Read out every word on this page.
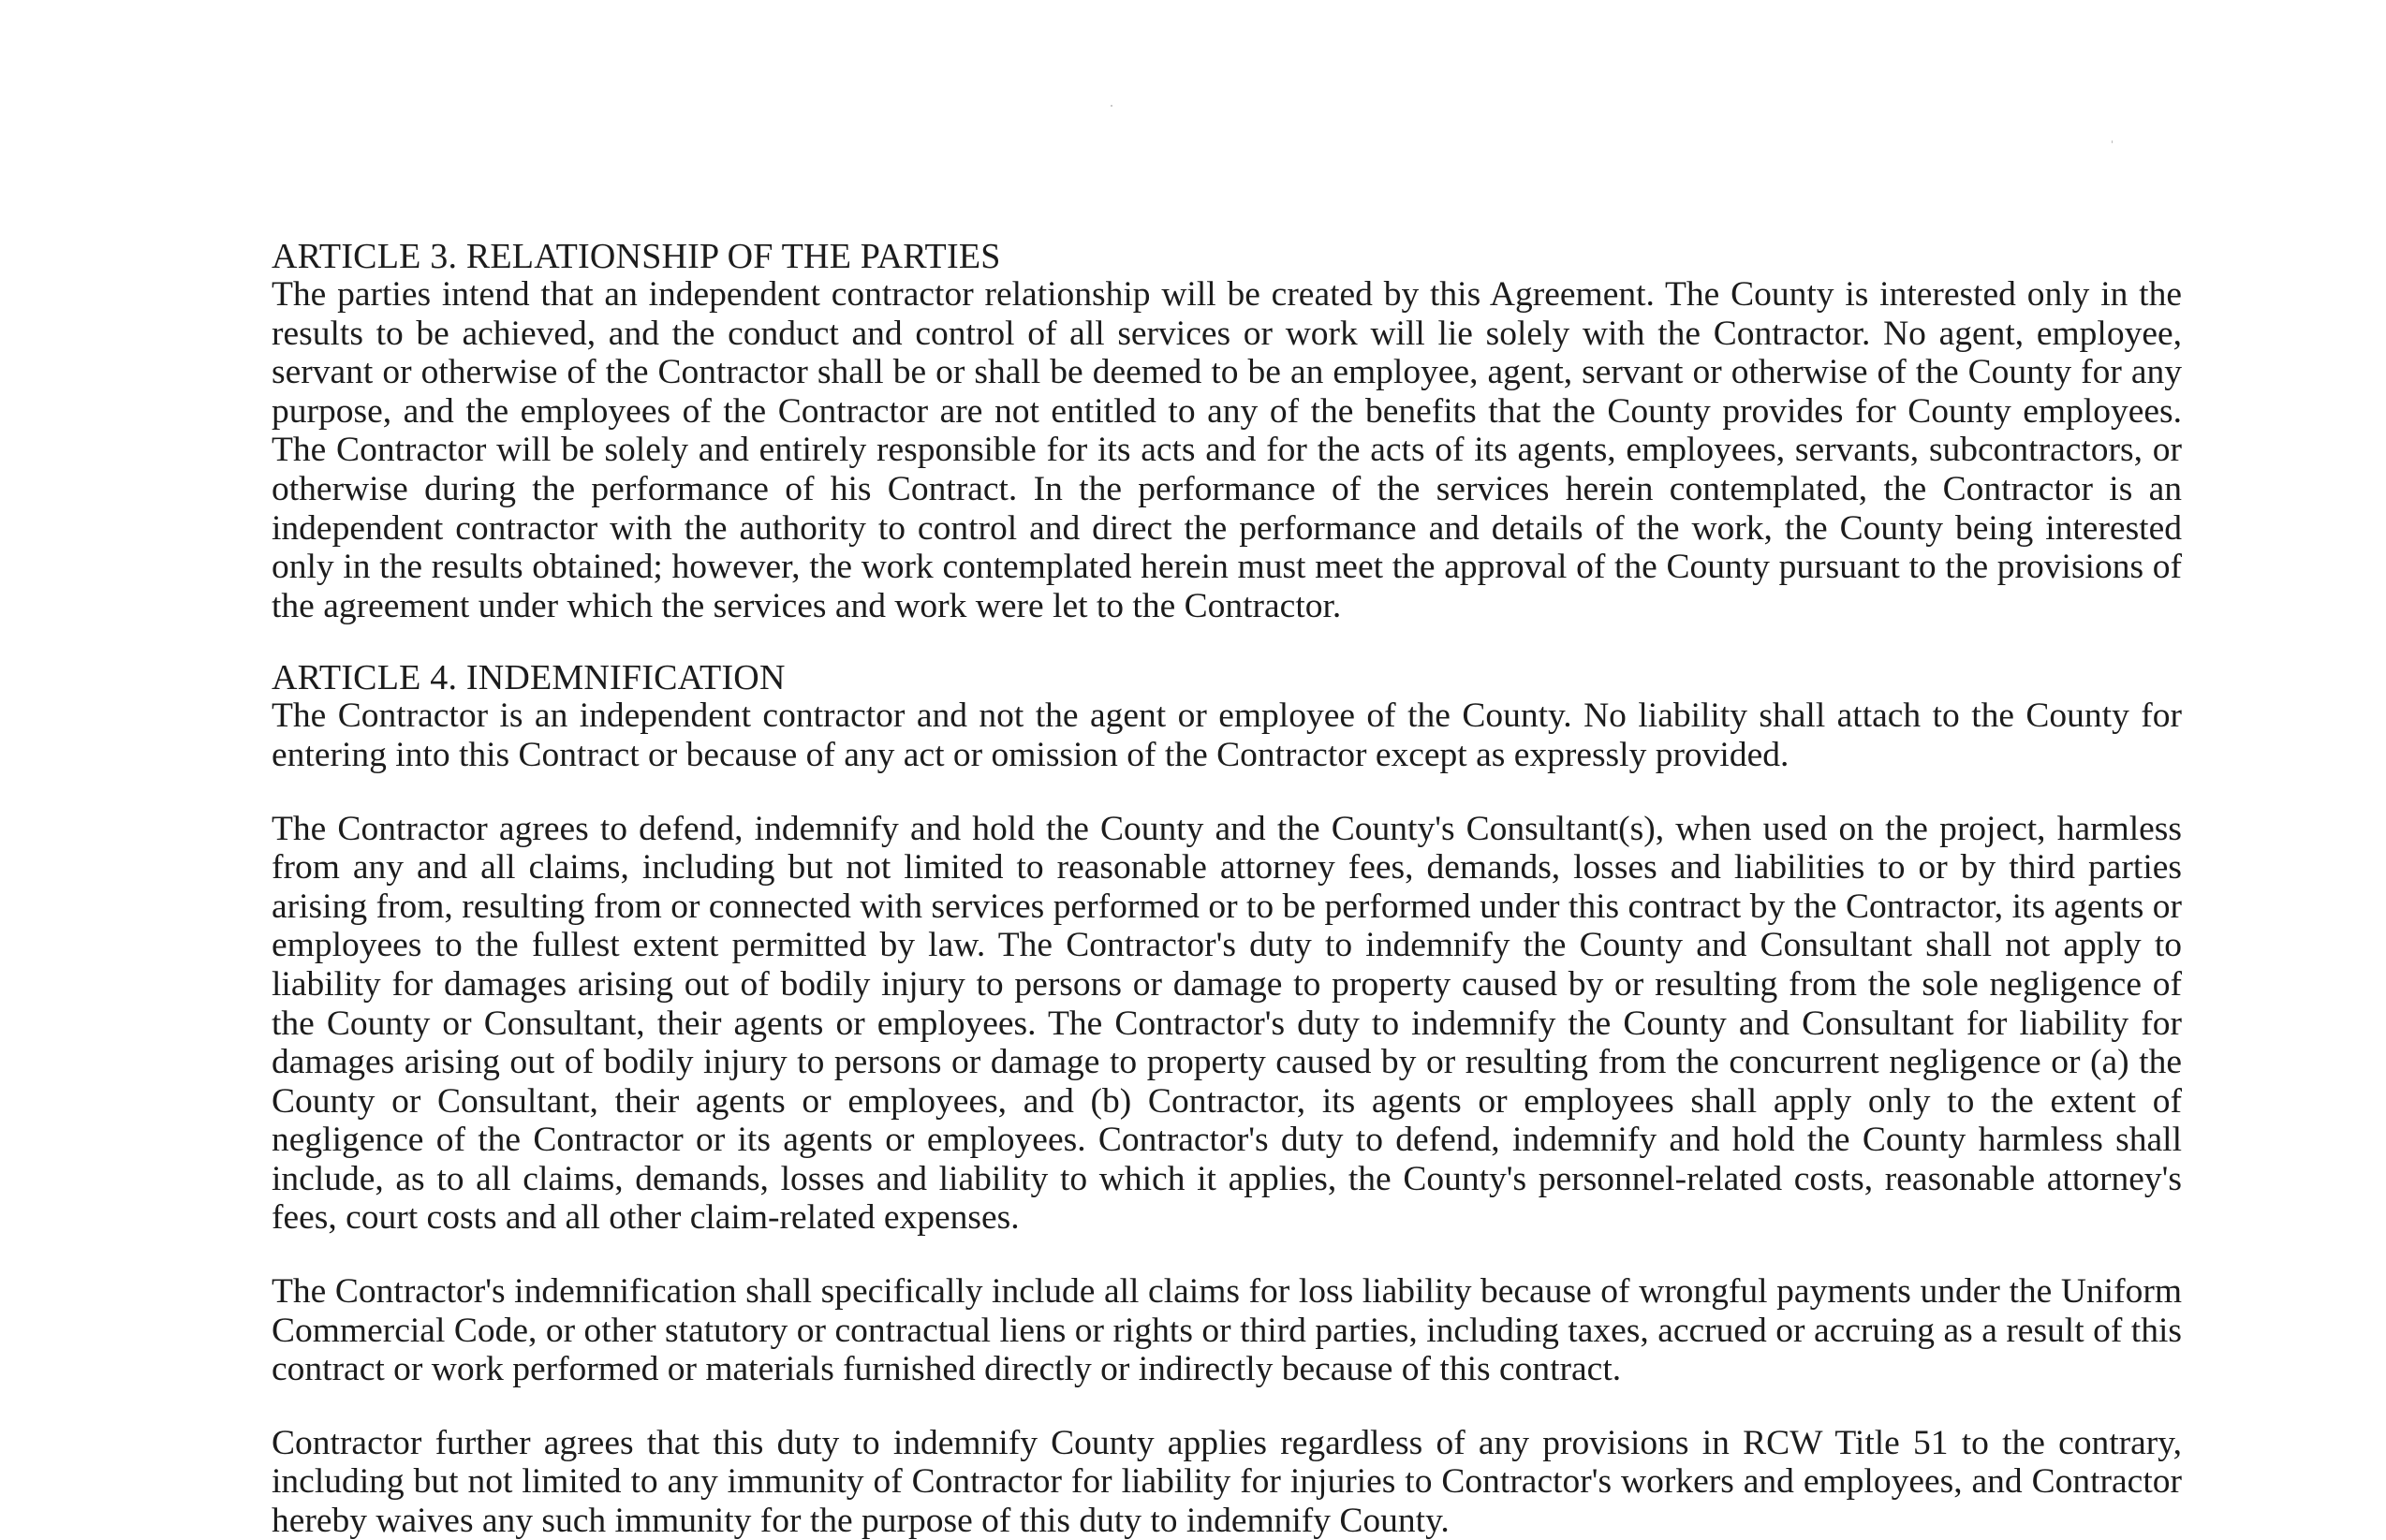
ARTICLE 3. RELATIONSHIP OF THE PARTIES

The parties intend that an independent contractor relationship will be created by this Agreement. The County is interested only in the results to be achieved, and the conduct and control of all services or work will lie solely with the Contractor. No agent, employee, servant or otherwise of the Contractor shall be or shall be deemed to be an employee, agent, servant or otherwise of the County for any purpose, and the employees of the Contractor are not entitled to any of the benefits that the County provides for County employees. The Contractor will be solely and entirely responsible for its acts and for the acts of its agents, employees, servants, subcontractors, or otherwise during the performance of his Contract. In the performance of the services herein contemplated, the Contractor is an independent contractor with the authority to control and direct the performance and details of the work, the County being interested only in the results obtained; however, the work contemplated herein must meet the approval of the County pursuant to the provisions of the agreement under which the services and work were let to the Contractor.

ARTICLE 4. INDEMNIFICATION

The Contractor is an independent contractor and not the agent or employee of the County. No liability shall attach to the County for entering into this Contract or because of any act or omission of the Contractor except as expressly provided.

The Contractor agrees to defend, indemnify and hold the County and the County's Consultant(s), when used on the project, harmless from any and all claims, including but not limited to reasonable attorney fees, demands, losses and liabilities to or by third parties arising from, resulting from or connected with services performed or to be performed under this contract by the Contractor, its agents or employees to the fullest extent permitted by law. The Contractor's duty to indemnify the County and Consultant shall not apply to liability for damages arising out of bodily injury to persons or damage to property caused by or resulting from the sole negligence of the County or Consultant, their agents or employees. The Contractor's duty to indemnify the County and Consultant for liability for damages arising out of bodily injury to persons or damage to property caused by or resulting from the concurrent negligence or (a) the County or Consultant, their agents or employees, and (b) Contractor, its agents or employees shall apply only to the extent of negligence of the Contractor or its agents or employees. Contractor's duty to defend, indemnify and hold the County harmless shall include, as to all claims, demands, losses and liability to which it applies, the County's personnel-related costs, reasonable attorney's fees, court costs and all other claim-related expenses.

The Contractor's indemnification shall specifically include all claims for loss liability because of wrongful payments under the Uniform Commercial Code, or other statutory or contractual liens or rights or third parties, including taxes, accrued or accruing as a result of this contract or work performed or materials furnished directly or indirectly because of this contract.

Contractor further agrees that this duty to indemnify County applies regardless of any provisions in RCW Title 51 to the contrary, including but not limited to any immunity of Contractor for liability for injuries to Contractor's workers and employees, and Contractor hereby waives any such immunity for the purpose of this duty to indemnify County.
